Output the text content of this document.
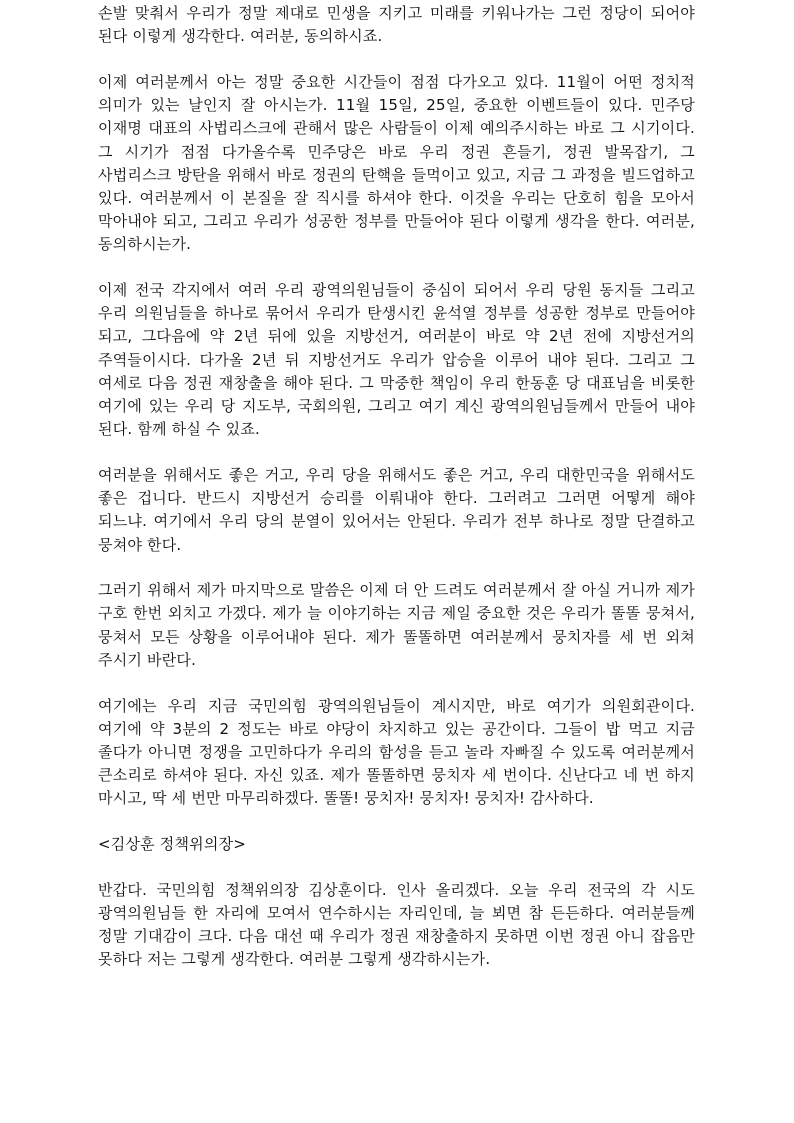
손발 맞춰서 우리가 정말 제대로 민생을 지키고 미래를 키워나가는 그런 정당이 되어야 된다 이렇게 생각한다. 여러분, 동의하시죠.

이제 여러분께서 아는 정말 중요한 시간들이 점점 다가오고 있다. 11월이 어떤 정치적 의미가 있는 날인지 잘 아시는가. 11월 15일, 25일, 중요한 이벤트들이 있다. 민주당 이재명 대표의 사법리스크에 관해서 많은 사람들이 이제 예의주시하는 바로 그 시기이다. 그 시기가 점점 다가올수록 민주당은 바로 우리 정권 흔들기, 정권 발목잡기, 그 사법리스크 방탄을 위해서 바로 정권의 탄핵을 들먹이고 있고, 지금 그 과정을 빌드업하고 있다. 여러분께서 이 본질을 잘 직시를 하셔야 한다. 이것을 우리는 단호히 힘을 모아서 막아내야 되고, 그리고 우리가 성공한 정부를 만들어야 된다 이렇게 생각을 한다. 여러분, 동의하시는가.

이제 전국 각지에서 여러 우리 광역의원님들이 중심이 되어서 우리 당원 동지들 그리고 우리 의원님들을 하나로 묶어서 우리가 탄생시킨 윤석열 정부를 성공한 정부로 만들어야 되고, 그다음에 약 2년 뒤에 있을 지방선거, 여러분이 바로 약 2년 전에 지방선거의 주역들이시다. 다가올 2년 뒤 지방선거도 우리가 압승을 이루어 내야 된다. 그리고 그 여세로 다음 정권 재창출을 해야 된다. 그 막중한 책임이 우리 한동훈 당 대표님을 비롯한 여기에 있는 우리 당 지도부, 국회의원, 그리고 여기 계신 광역의원님들께서 만들어 내야 된다. 함께 하실 수 있죠.

여러분을 위해서도 좋은 거고, 우리 당을 위해서도 좋은 거고, 우리 대한민국을 위해서도 좋은 겁니다. 반드시 지방선거 승리를 이뤄내야 한다. 그러려고 그러면 어떻게 해야 되느냐. 여기에서 우리 당의 분열이 있어서는 안된다. 우리가 전부 하나로 정말 단결하고 뭉쳐야 한다.

그러기 위해서 제가 마지막으로 말씀은 이제 더 안 드려도 여러분께서 잘 아실 거니까 제가 구호 한번 외치고 가겠다. 제가 늘 이야기하는 지금 제일 중요한 것은 우리가 똘똘 뭉쳐서, 뭉쳐서 모든 상황을 이루어내야 된다. 제가 똘똘하면 여러분께서 뭉치자를 세 번 외쳐 주시기 바란다.

여기에는 우리 지금 국민의힘 광역의원님들이 계시지만, 바로 여기가 의원회관이다. 여기에 약 3분의 2 정도는 바로 야당이 차지하고 있는 공간이다. 그들이 밥 먹고 지금 졸다가 아니면 정쟁을 고민하다가 우리의 함성을 듣고 놀라 자빠질 수 있도록 여러분께서 큰소리로 하셔야 된다. 자신 있죠. 제가 똘똘하면 뭉치자 세 번이다. 신난다고 네 번 하지 마시고, 딱 세 번만 마무리하겠다. 똘똘! 뭉치자! 뭉치자! 뭉치자! 감사하다.

<김상훈 정책위의장>

반갑다. 국민의힘 정책위의장 김상훈이다. 인사 올리겠다. 오늘 우리 전국의 각 시도 광역의원님들 한 자리에 모여서 연수하시는 자리인데, 늘 뵈면 참 든든하다. 여러분들께 정말 기대감이 크다. 다음 대선 때 우리가 정권 재창출하지 못하면 이번 정권 아니 잡음만 못하다 저는 그렇게 생각한다. 여러분 그렇게 생각하시는가.
